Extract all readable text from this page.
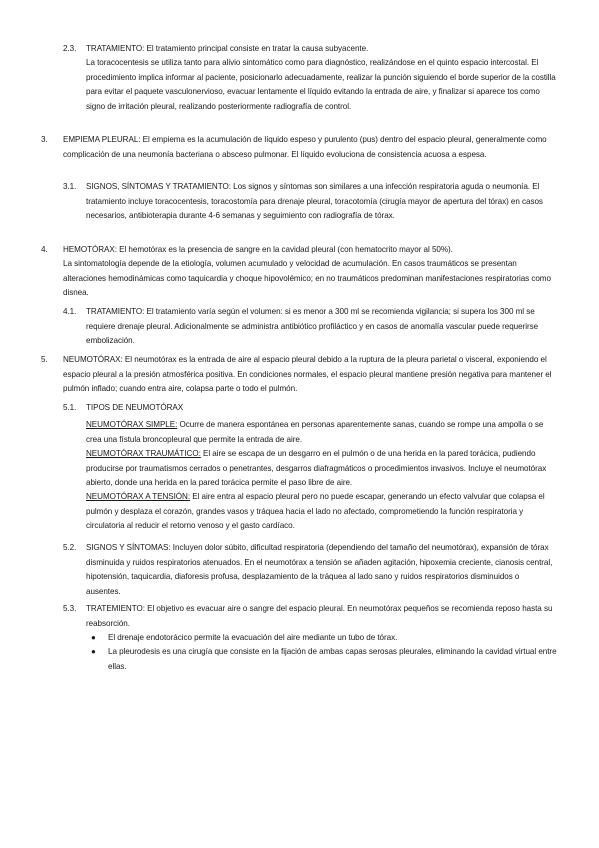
2.3. TRATAMIENTO: El tratamiento principal consiste en tratar la causa subyacente.
La toracocentesis se utiliza tanto para alivio sintomático como para diagnóstico, realizándose en el quinto espacio intercostal. El procedimiento implica informar al paciente, posicionarlo adecuadamente, realizar la punción siguiendo el borde superior de la costilla para evitar el paquete vasculonervioso, evacuar lentamente el líquido evitando la entrada de aire, y finalizar si aparece tos como signo de irritación pleural, realizando posteriormente radiografía de control.
3. EMPIEMA PLEURAL: El empiema es la acumulación de líquido espeso y purulento (pus) dentro del espacio pleural, generalmente como complicación de una neumonía bacteriana o absceso pulmonar. El líquido evoluciona de consistencia acuosa a espesa.
3.1. SIGNOS, SÍNTOMAS Y TRATAMIENTO: Los signos y síntomas son similares a una infección respiratoria aguda o neumonía. El tratamiento incluye toracocentesis, toracostomía para drenaje pleural, toracotomía (cirugía mayor de apertura del tórax) en casos necesarios, antibioterapia durante 4-6 semanas y seguimiento con radiografía de tórax.
4. HEMOTÓRAX: El hemotórax es la presencia de sangre en la cavidad pleural (con hematocrito mayor al 50%).
La sintomatología depende de la etiología, volumen acumulado y velocidad de acumulación. En casos traumáticos se presentan alteraciones hemodinámicas como taquicardia y choque hipovolémico; en no traumáticos predominan manifestaciones respiratorias como disnea.
4.1. TRATAMIENTO: El tratamiento varía según el volumen: si es menor a 300 ml se recomienda vigilancia; si supera los 300 ml se requiere drenaje pleural. Adicionalmente se administra antibiótico profiláctico y en casos de anomalía vascular puede requerirse embolización.
5. NEUMOTÓRAX: El neumotórax es la entrada de aire al espacio pleural debido a la ruptura de la pleura parietal o visceral, exponiendo el espacio pleural a la presión atmosférica positiva. En condiciones normales, el espacio pleural mantiene presión negativa para mantener el pulmón inflado; cuando entra aire, colapsa parte o todo el pulmón.
5.1. TIPOS DE NEUMOTÓRAX
NEUMOTÓRAX SIMPLE: Ocurre de manera espontánea en personas aparentemente sanas, cuando se rompe una ampolla o se crea una fístula broncopleural que permite la entrada de aire.
NEUMOTÓRAX TRAUMÁTICO: El aire se escapa de un desgarro en el pulmón o de una herida en la pared torácica, pudiendo producirse por traumatismos cerrados o penetrantes, desgarros diafragmáticos o procedimientos invasivos. Incluye el neumotórax abierto, donde una herida en la pared torácica permite el paso libre de aire.
NEUMOTÓRAX A TENSIÓN: El aire entra al espacio pleural pero no puede escapar, generando un efecto valvular que colapsa el pulmón y desplaza el corazón, grandes vasos y tráquea hacia el lado no afectado, comprometiendo la función respiratoria y circulatoria al reducir el retorno venoso y el gasto cardíaco.
5.2. SIGNOS Y SÍNTOMAS: Incluyen dolor súbito, dificultad respiratoria (dependiendo del tamaño del neumotórax), expansión de tórax disminuida y ruidos respiratorios atenuados. En el neumotórax a tensión se añaden agitación, hipoxemia creciente, cianosis central, hipotensión, taquicardia, diaforesis profusa, desplazamiento de la tráquea al lado sano y ruidos respiratorios disminuidos o ausentes.
5.3. TRATEMIENTO: El objetivo es evacuar aire o sangre del espacio pleural. En neumotórax pequeños se recomienda reposo hasta su reabsorción.
● El drenaje endotorácico permite la evacuación del aire mediante un tubo de tórax.
● La pleurodesis es una cirugía que consiste en la fijación de ambas capas serosas pleurales, eliminando la cavidad virtual entre ellas.
